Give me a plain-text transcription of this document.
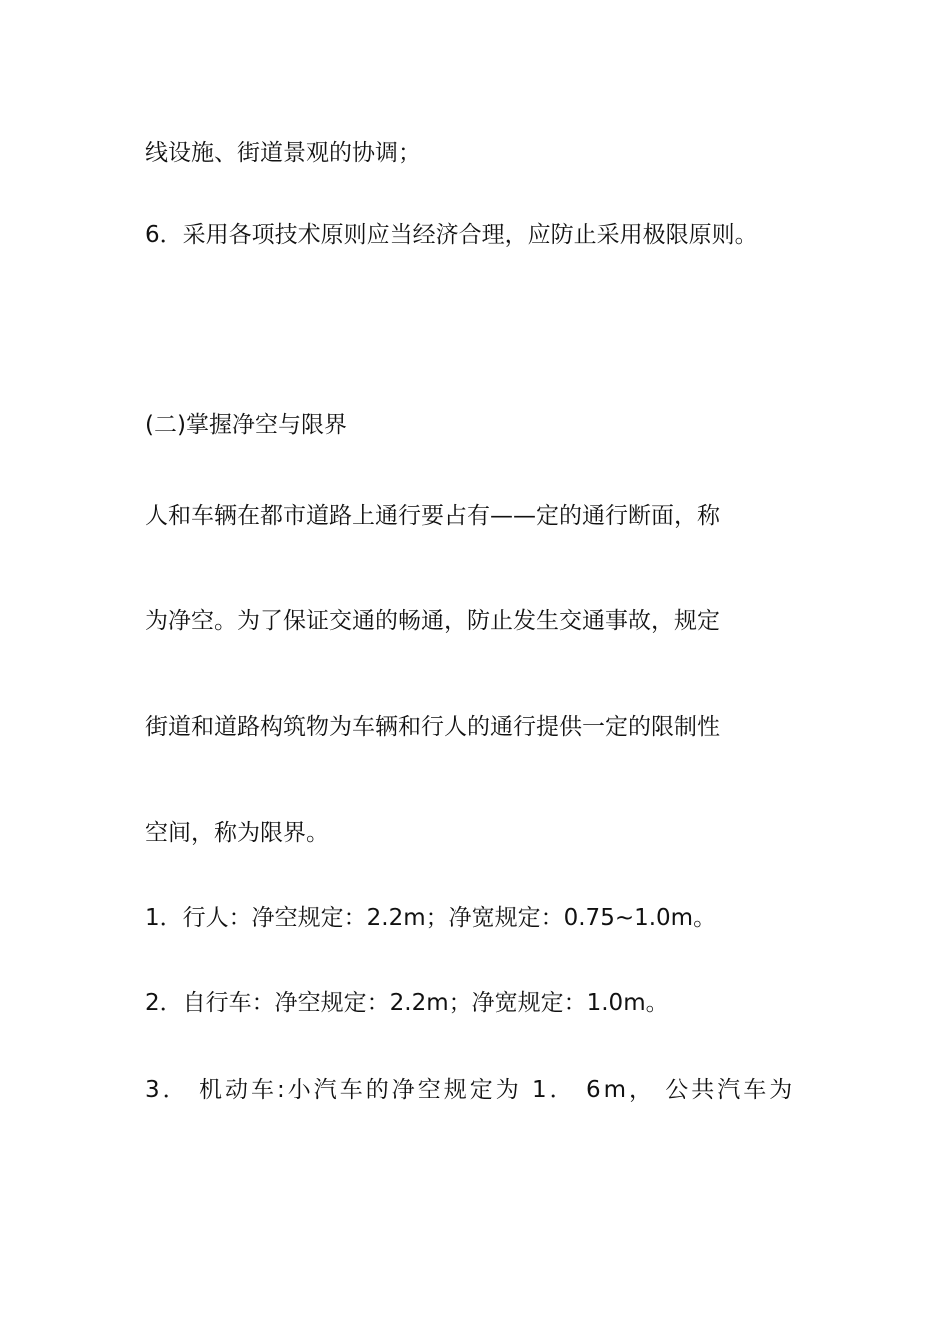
线设施、街道景观的协调；
6．采用各项技术原则应当经济合理，应防止采用极限原则。
(二)掌握净空与限界
人和车辆在都市道路上通行要占有——定的通行断面，称
为净空。为了保证交通的畅通，防止发生交通事故，规定
街道和道路构筑物为车辆和行人的通行提供一定的限制性
空间，称为限界。
1．行人：净空规定：2.2m；净宽规定：0.75~1.0m。
2．自行车：净空规定：2.2m；净宽规定：1.0m。
3． 机动车:小汽车的净空规定为 1． 6m， 公共汽车为
